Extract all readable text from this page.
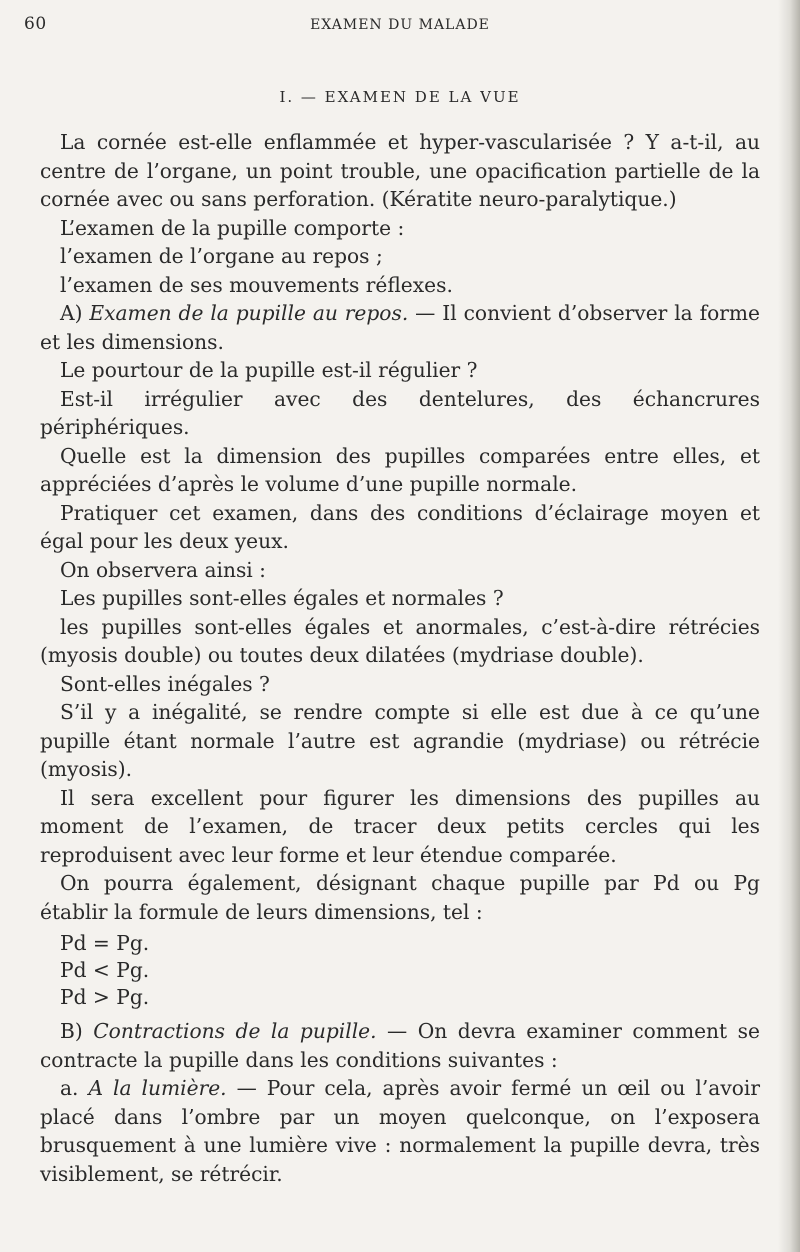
60	EXAMEN DU MALADE
I. — EXAMEN DE LA VUE

La cornée est-elle enflammée et hyper-vascularisée ? Y a-t-il, au centre de l’organe, un point trouble, une opacification partielle de la cornée avec ou sans perforation. (Kératite neuro-paralytique.)

L’examen de la pupille comporte :

l’examen de l’organe au repos ;

l’examen de ses mouvements réflexes.

A) Examen de la pupille au repos. — Il convient d’observer la forme et les dimensions.

Le pourtour de la pupille est-il régulier ?

Est-il irrégulier avec des dentelures, des échancrures périphériques.

Quelle est la dimension des pupilles comparées entre elles, et appréciées d’après le volume d’une pupille normale.

Pratiquer cet examen, dans des conditions d’éclairage moyen et égal pour les deux yeux.

On observera ainsi :

Les pupilles sont-elles égales et normales ?

les pupilles sont-elles égales et anormales, c’est-à-dire rétrécies (myosis double) ou toutes deux dilatées (mydriase double).

Sont-elles inégales ?

S’il y a inégalité, se rendre compte si elle est due à ce qu’une pupille étant normale l’autre est agrandie (mydriase) ou rétrécie (myosis).

Il sera excellent pour figurer les dimensions des pupilles au moment de l’examen, de tracer deux petits cercles qui les reproduisent avec leur forme et leur étendue comparée.

On pourra également, désignant chaque pupille par Pd ou Pg établir la formule de leurs dimensions, tel :

Pd = Pg.
Pd < Pg.
Pd > Pg.

B) Contractions de la pupille. — On devra examiner comment se contracte la pupille dans les conditions suivantes :

a. A la lumière. — Pour cela, après avoir fermé un œil ou l’avoir placé dans l’ombre par un moyen quelconque, on l’exposera brusquement à une lumière vive : normalement la pupille devra, très visiblement, se rétrécir.
